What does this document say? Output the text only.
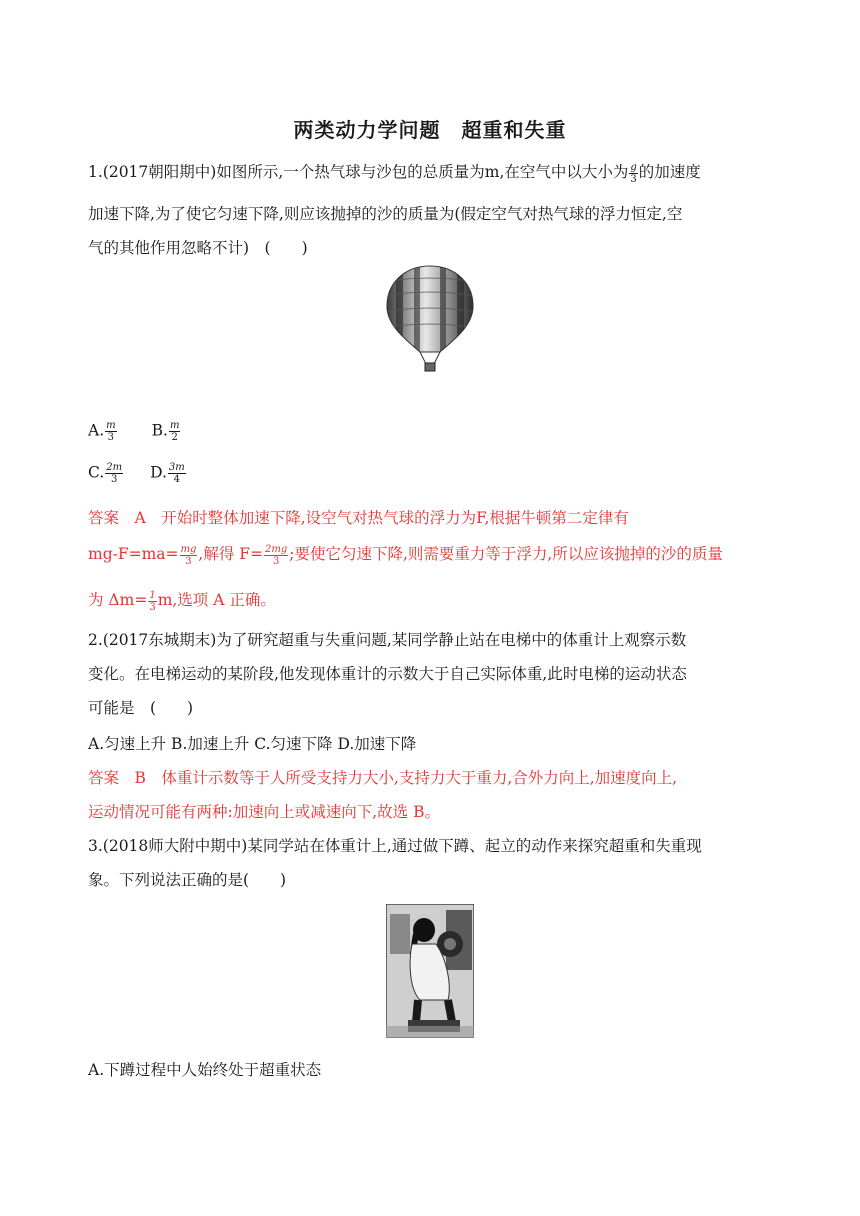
两类动力学问题　超重和失重
1.(2017朝阳期中)如图所示,一个热气球与沙包的总质量为m,在空气中以大小为 $\frac{g}{3}$ 的加速度
加速下降,为了使它匀速下降,则应该抛掉的沙的质量为(假定空气对热气球的浮力恒定,空
气的其他作用忽略不计)　(　　)
A. $\frac{m}{3} B$. $\frac{m}{2}$
C. $\frac{2m}{3} D$. $\frac{3m}{4}$
答案　A　开始时整体加速下降,设空气对热气球的浮力为F,根据牛顿第二定律有
$mg-F=ma= \frac{mg}{3}$ ,解得 $F= \frac{2mg}{3}$ ;要使它匀速下降,则需要重力等于浮力,所以应该抛掉的沙的质量
为 $\Delta m= \frac{1}{3} m$,选项 A 正确。
2.(2017东城期末)为了研究超重与失重问题,某同学静止站在电梯中的体重计上观察示数
变化。在电梯运动的某阶段,他发现体重计的示数大于自己实际体重,此时电梯的运动状态
可能是　(　　)
A.匀速上升 B.加速上升 C.匀速下降 D.加速下降
答案　B　体重计示数等于人所受支持力大小,支持力大于重力,合外力向上,加速度向上,
运动情况可能有两种:加速向上或减速向下,故选 B。
3.(2018师大附中期中)某同学站在体重计上,通过做下蹲、起立的动作来探究超重和失重现
象。下列说法正确的是(　　)
A.下蹲过程中人始终处于超重状态
